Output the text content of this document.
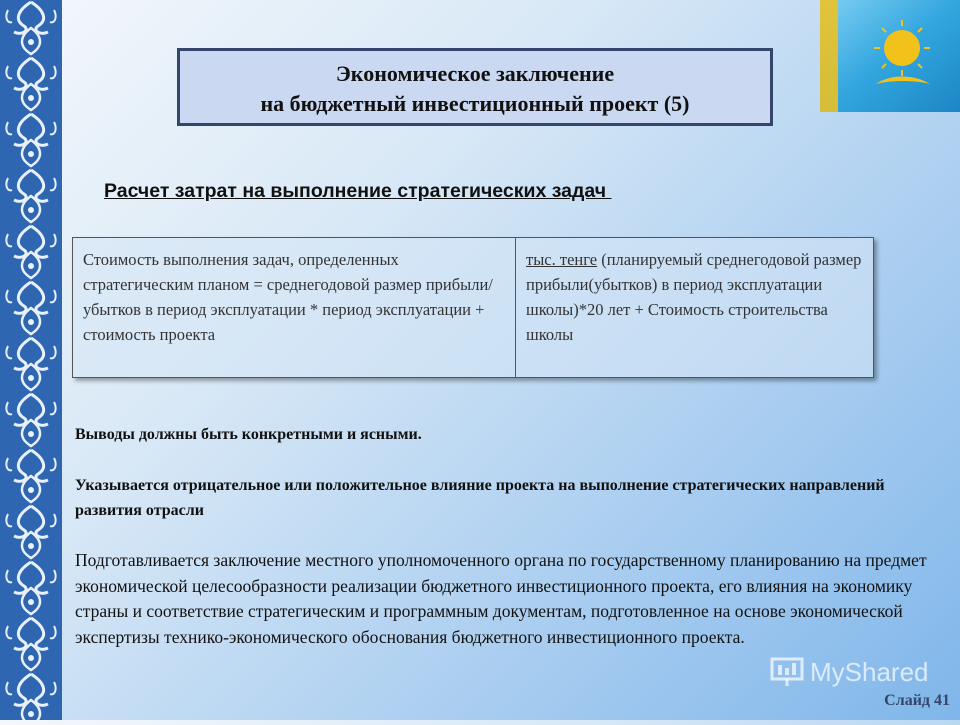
Экономическое заключение
на бюджетный инвестиционный проект (5)
Расчет затрат на выполнение стратегических задач
Стоимость выполнения задач, определенных стратегическим планом = среднегодовой размер прибыли/убытков в период эксплуатации * период эксплуатации + стоимость проекта
тыс. тенге (планируемый среднегодовой размер прибыли(убытков) в период эксплуатации школы)*20 лет + Стоимость строительства школы

Выводы должны быть конкретными и ясными.

Указывается отрицательное или положительное влияние проекта на выполнение стратегических направлений развития отрасли

Подготавливается заключение местного уполномоченного органа по государственному планированию на предмет экономической целесообразности реализации бюджетного инвестиционного проекта, его влияния на экономику страны и соответствие стратегическим и программным документам, подготовленное на основе экономической экспертизы технико-экономического обоснования бюджетного инвестиционного проекта.

MyShared
Слайд 41
